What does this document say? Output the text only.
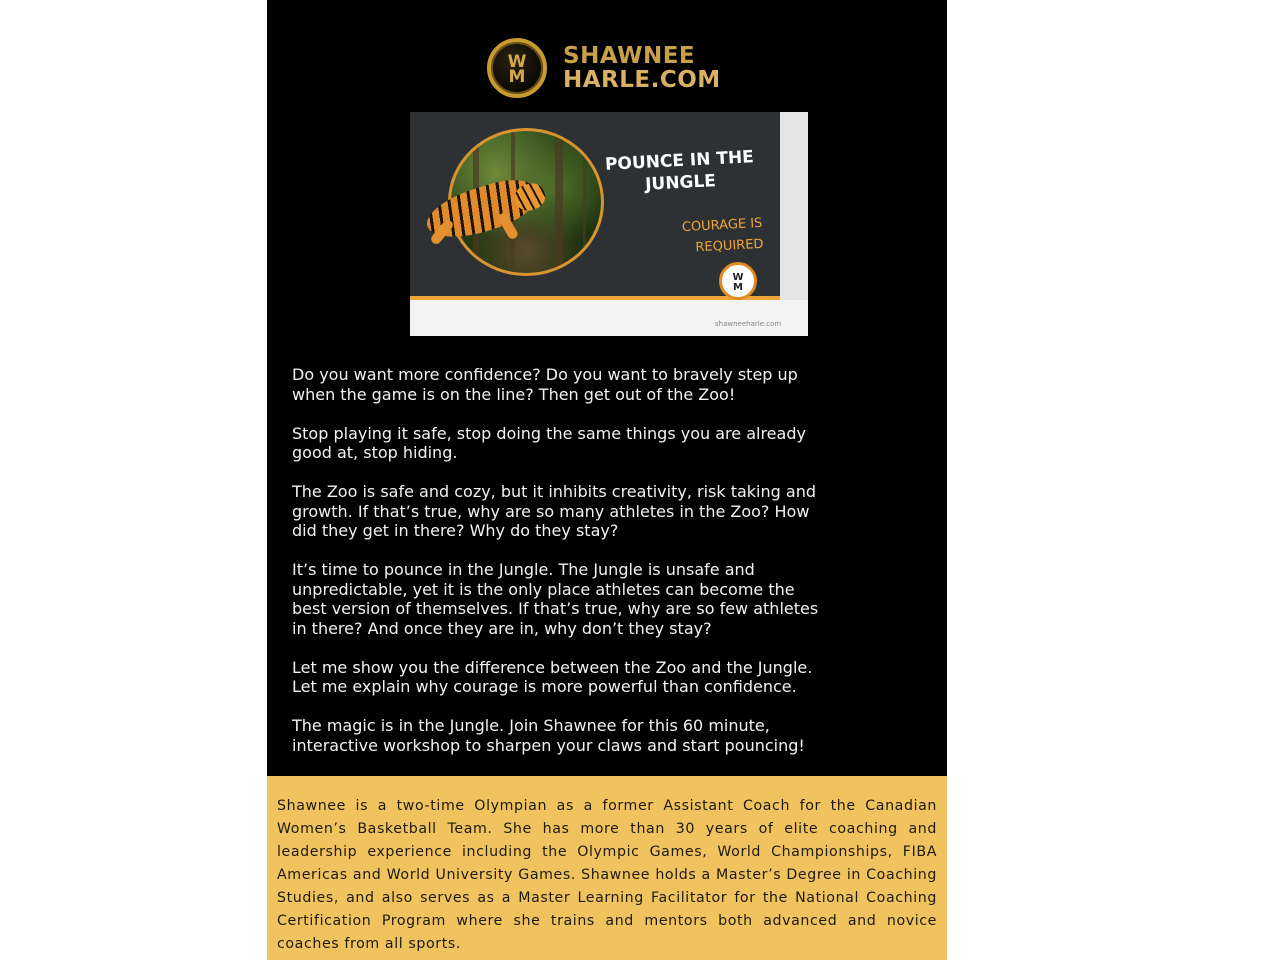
W
M
SHAWNEE
HARLE.COM
POUNCE IN THE JUNGLE
COURAGE IS REQUIRED
W
M
shawneeharle.com

Do you want more confidence? Do you want to bravely step up
when the game is on the line? Then get out of the Zoo!

Stop playing it safe, stop doing the same things you are already
good at, stop hiding.

The Zoo is safe and cozy, but it inhibits creativity, risk taking and
growth. If that’s true, why are so many athletes in the Zoo? How
did they get in there? Why do they stay?

It’s time to pounce in the Jungle. The Jungle is unsafe and
unpredictable, yet it is the only place athletes can become the
best version of themselves. If that’s true, why are so few athletes
in there? And once they are in, why don’t they stay?

Let me show you the difference between the Zoo and the Jungle.
Let me explain why courage is more powerful than confidence.

The magic is in the Jungle. Join Shawnee for this 60 minute,
interactive workshop to sharpen your claws and start pouncing!

Shawnee is a two-time Olympian as a former Assistant Coach for the Canadian Women’s Basketball Team. She has more than 30 years of elite coaching and leadership experience including the Olympic Games, World Championships, FIBA Americas and World University Games. Shawnee holds a Master’s Degree in Coaching Studies, and also serves as a Master Learning Facilitator for the National Coaching Certification Program where she trains and mentors both advanced and novice coaches from all sports.
